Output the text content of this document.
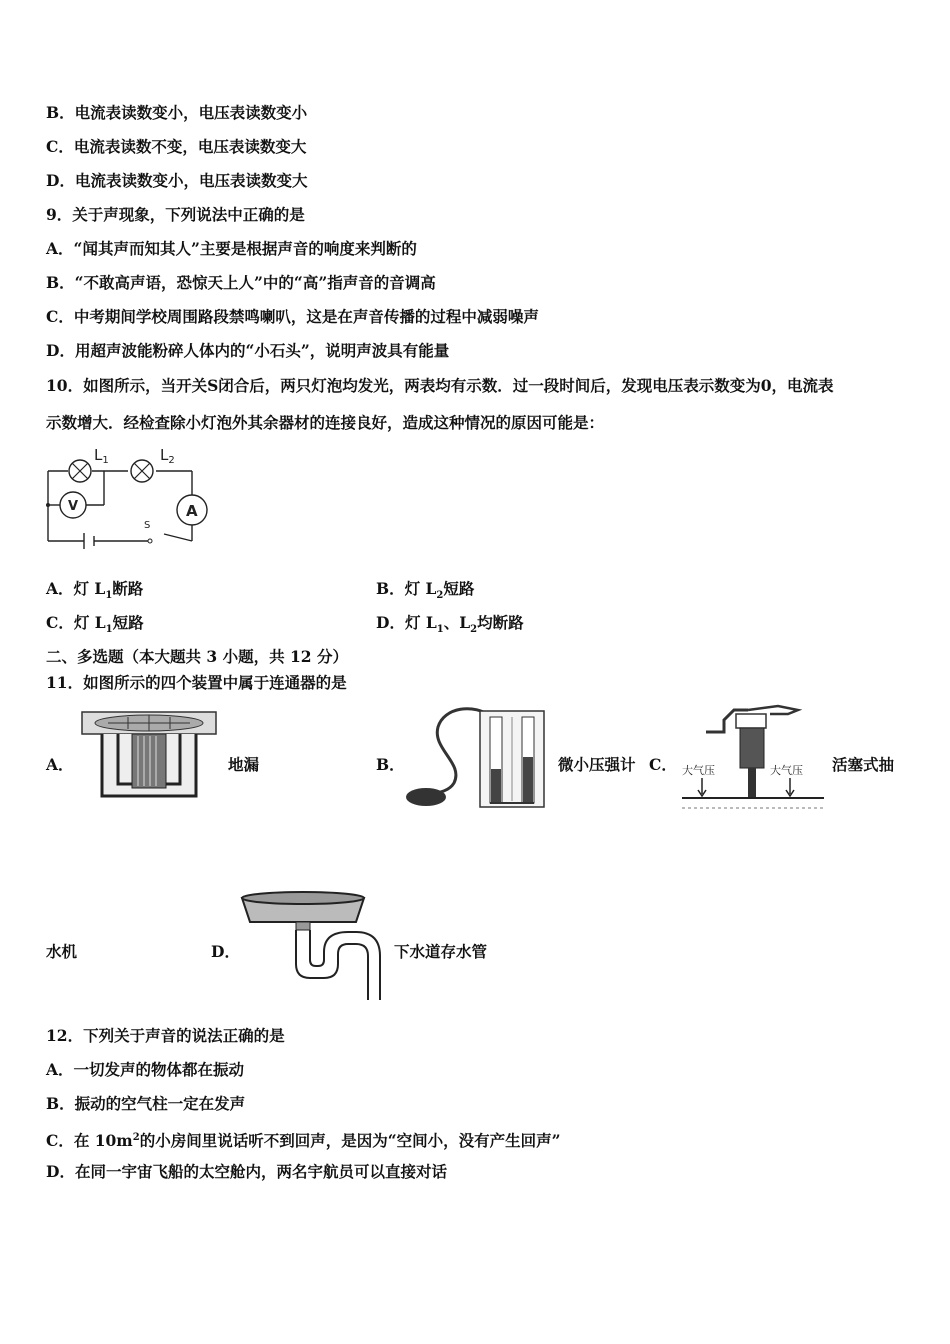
B．电流表读数变小，电压表读数变小
C．电流表读数不变，电压表读数变大
D．电流表读数变小，电压表读数变大
9．关于声现象，下列说法中正确的是
A．“闻其声而知其人”主要是根据声音的响度来判断的
B．“不敢高声语，恐惊天上人”中的“高”指声音的音调高
C．中考期间学校周围路段禁鸣喇叭，这是在声音传播的过程中减弱噪声
D．用超声波能粉碎人体内的“小石头”，说明声波具有能量
10．如图所示，当开关S闭合后，两只灯泡均发光，两表均有示数．过一段时间后，发现电压表示数变为0，电流表
示数增大．经检查除小灯泡外其余器材的连接良好，造成这种情况的原因可能是：
$L_1$	$L_2$
V	A
S
A．灯 $L_1$断路	B．灯 $L_2$短路
C．灯 $L_1$短路	D．灯 $L_1$、$L_2$均断路
二、多选题（本大题共 3 小题，共 12 分）
11．如图所示的四个装置中属于连通器的是
A．	地漏	B．	微小压强计 C． 大气压	大气压 活塞式抽
水机	D．	下水道存水管
12．下列关于声音的说法正确的是
A．一切发声的物体都在振动
B．振动的空气柱一定在发声
C．在 $10m^2$的小房间里说话听不到回声，是因为“空间小，没有产生回声”
D．在同一宇宙飞船的太空舱内，两名宇航员可以直接对话
